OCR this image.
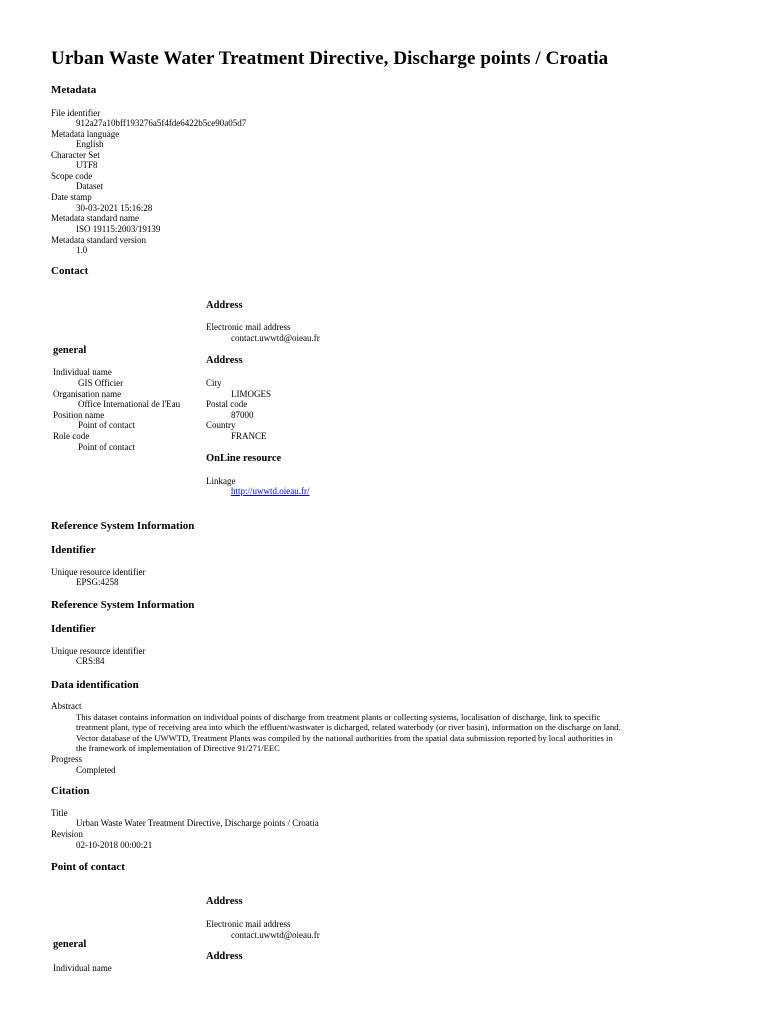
Urban Waste Water Treatment Directive, Discharge points / Croatia
Metadata
File identifier
912a27a10bff193276a5f4fde6422b5ce90a05d7
Metadata language
English
Character Set
UTF8
Scope code
Dataset
Date stamp
30-03-2021 15:16:28
Metadata standard name
ISO 19115:2003/19139
Metadata standard version
1.0
Contact
Address
Electronic mail address
contact.uwwtd@oieau.fr
general
Address
Individual name
GIS Officier
Organisation name
Office International de l'Eau
Position name
Point of contact
Role code
Point of contact
City
LIMOGES
Postal code
87000
Country
FRANCE
OnLine resource
Linkage
http://uwwtd.oieau.fr/
Reference System Information
Identifier
Unique resource identifier
EPSG:4258
Reference System Information
Identifier
Unique resource identifier
CRS:84
Data identification
Abstract
This dataset contains information on individual points of discharge from treatment plants or collecting systems, localisation of discharge, link to specific
treatment plant, type of receiving area into which the effluent/wastwater is dicharged, related waterbody (or river basin), information on the discharge on land.
Vector database of the UWWTD, Treatment Plants was compiled by the national authorities from the spatial data submission reported by local authorities in
the framework of implementation of Directive 91/271/EEC
Progress
Completed
Citation
Title
Urban Waste Water Treatment Directive, Discharge points / Croatia
Revision
02-10-2018 00:00:21
Point of contact
Address
Electronic mail address
contact.uwwtd@oieau.fr
general
Address
Individual name
